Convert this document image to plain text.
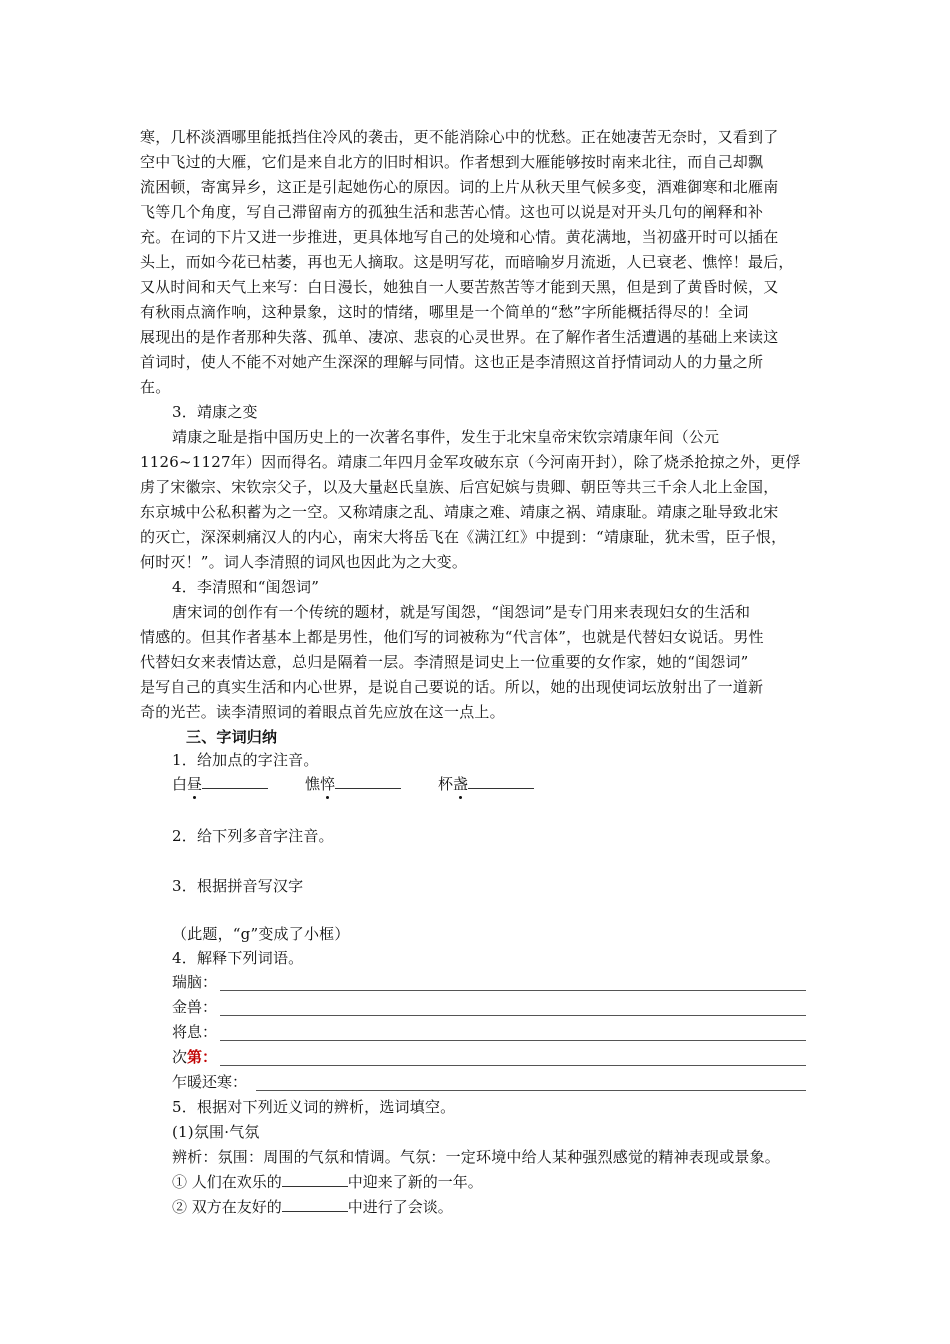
寒，几杯淡酒哪里能抵挡住冷风的袭击，更不能消除心中的忧愁。正在她凄苦无奈时，又看到了
空中飞过的大雁，它们是来自北方的旧时相识。作者想到大雁能够按时南来北往，而自己却飘
流困顿，寄寓异乡，这正是引起她伤心的原因。词的上片从秋天里气候多变，酒难御寒和北雁南
飞等几个角度，写自己滞留南方的孤独生活和悲苦心情。这也可以说是对开头几句的阐释和补
充。在词的下片又进一步推进，更具体地写自己的处境和心情。黄花满地，当初盛开时可以插在
头上，而如今花已枯萎，再也无人摘取。这是明写花，而暗喻岁月流逝，人已衰老、憔悴！最后，
又从时间和天气上来写：白日漫长，她独自一人要苦熬苦等才能到天黑，但是到了黄昏时候，又
有秋雨点滴作响，这种景象，这时的情绪，哪里是一个简单的“愁”字所能概括得尽的！全词
展现出的是作者那种失落、孤单、凄凉、悲哀的心灵世界。在了解作者生活遭遇的基础上来读这
首词时，使人不能不对她产生深深的理解与同情。这也正是李清照这首抒情词动人的力量之所
在。
3．靖康之变
靖康之耻是指中国历史上的一次著名事件，发生于北宋皇帝宋钦宗靖康年间（公元
1126~1127年）因而得名。靖康二年四月金军攻破东京（今河南开封），除了烧杀抢掠之外，更俘
虏了宋徽宗、宋钦宗父子，以及大量赵氏皇族、后宫妃嫔与贵卿、朝臣等共三千余人北上金国，
东京城中公私积蓄为之一空。又称靖康之乱、靖康之难、靖康之祸、靖康耻。靖康之耻导致北宋
的灭亡，深深刺痛汉人的内心，南宋大将岳飞在《满江红》中提到：“靖康耻，犹未雪，臣子恨，
何时灭！”。词人李清照的词风也因此为之大变。
4．李清照和“闺怨词”
唐宋词的创作有一个传统的题材，就是写闺怨，“闺怨词”是专门用来表现妇女的生活和
情感的。但其作者基本上都是男性，他们写的词被称为“代言体”，也就是代替妇女说话。男性
代替妇女来表情达意，总归是隔着一层。李清照是词史上一位重要的女作家，她的“闺怨词”
是写自己的真实生活和内心世界，是说自己要说的话。所以，她的出现使词坛放射出了一道新
奇的光芒。读李清照词的着眼点首先应放在这一点上。
三、字词归纳
1．给加点的字注音。
白昼	憔悴	杯盏
2．给下列多音字注音。
3．根据拼音写汉字
（此题，“g”变成了小框）
4．解释下列词语。
瑞脑：
金兽：
将息：
次第：
乍暖还寒：
5．根据对下列近义词的辨析，选词填空。
(1)氛围·气氛
辨析：氛围：周围的气氛和情调。气氛：一定环境中给人某种强烈感觉的精神表现或景象。
① 人们在欢乐的	中迎来了新的一年。
② 双方在友好的	中进行了会谈。
